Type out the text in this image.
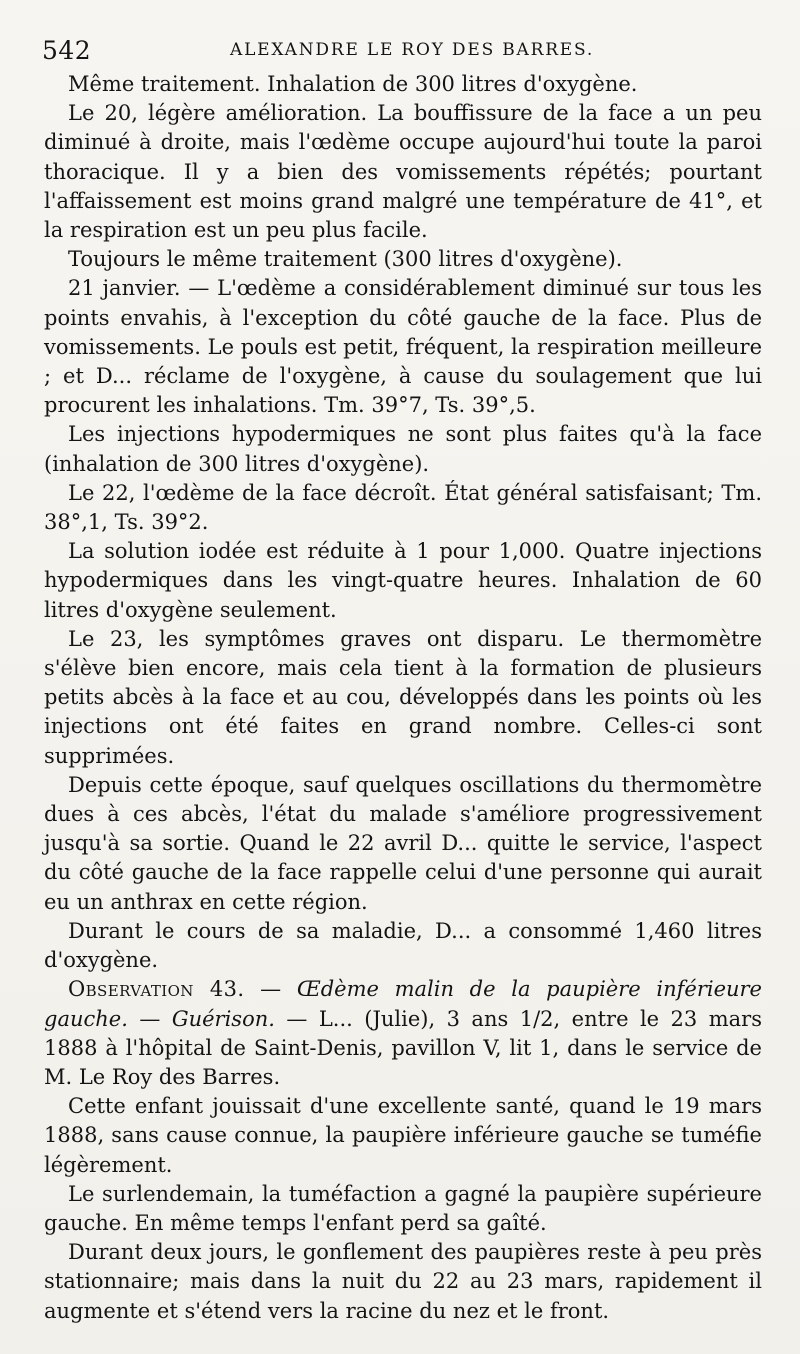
542	ALEXANDRE LE ROY DES BARRES.

Même traitement. Inhalation de 300 litres d'oxygène.

Le 20, légère amélioration. La bouffissure de la face a un peu diminué à droite, mais l'œdème occupe aujourd'hui toute la paroi thoracique. Il y a bien des vomissements répétés; pourtant l'affaissement est moins grand malgré une température de 41°, et la respiration est un peu plus facile.

Toujours le même traitement (300 litres d'oxygène).

21 janvier. — L'œdème a considérablement diminué sur tous les points envahis, à l'exception du côté gauche de la face. Plus de vomissements. Le pouls est petit, fréquent, la respiration meilleure ; et D... réclame de l'oxygène, à cause du soulagement que lui procurent les inhalations. Tm. 39°7, Ts. 39°,5.

Les injections hypodermiques ne sont plus faites qu'à la face (inhalation de 300 litres d'oxygène).

Le 22, l'œdème de la face décroît. État général satisfaisant; Tm. 38°,1, Ts. 39°2.

La solution iodée est réduite à 1 pour 1,000. Quatre injections hypodermiques dans les vingt-quatre heures. Inhalation de 60 litres d'oxygène seulement.

Le 23, les symptômes graves ont disparu. Le thermomètre s'élève bien encore, mais cela tient à la formation de plusieurs petits abcès à la face et au cou, développés dans les points où les injections ont été faites en grand nombre. Celles-ci sont supprimées.

Depuis cette époque, sauf quelques oscillations du thermomètre dues à ces abcès, l'état du malade s'améliore progressivement jusqu'à sa sortie. Quand le 22 avril D... quitte le service, l'aspect du côté gauche de la face rappelle celui d'une personne qui aurait eu un anthrax en cette région.

Durant le cours de sa maladie, D... a consommé 1,460 litres d'oxygène.

Observation 43. — Œdème malin de la paupière inférieure gauche. — Guérison. — L... (Julie), 3 ans 1/2, entre le 23 mars 1888 à l'hôpital de Saint-Denis, pavillon V, lit 1, dans le service de M. Le Roy des Barres.

Cette enfant jouissait d'une excellente santé, quand le 19 mars 1888, sans cause connue, la paupière inférieure gauche se tuméfie légèrement.

Le surlendemain, la tuméfaction a gagné la paupière supérieure gauche. En même temps l'enfant perd sa gaîté.

Durant deux jours, le gonflement des paupières reste à peu près stationnaire; mais dans la nuit du 22 au 23 mars, rapidement il augmente et s'étend vers la racine du nez et le front.
